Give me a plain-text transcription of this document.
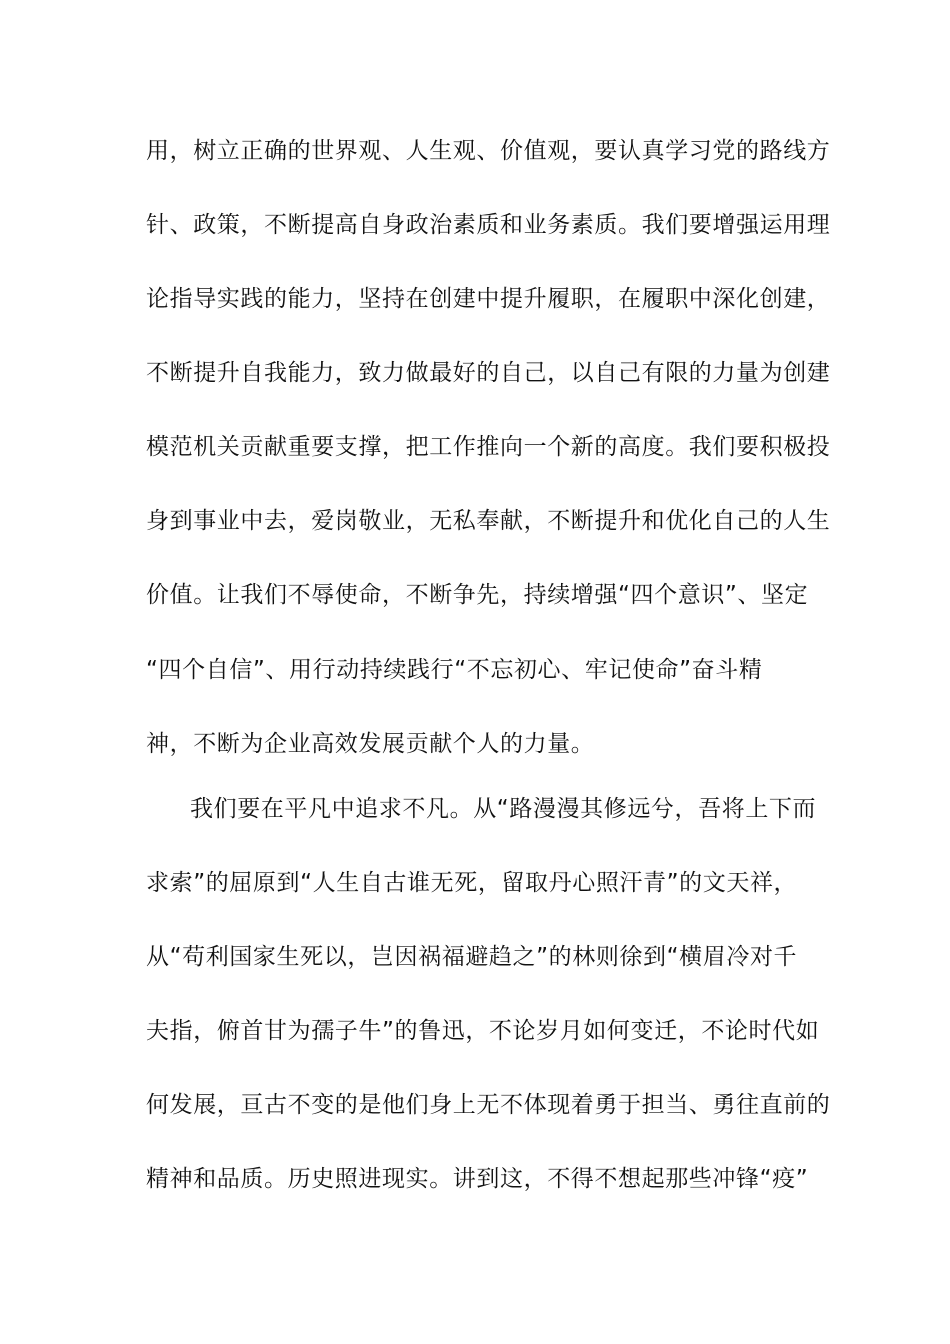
用，树立正确的世界观、人生观、价值观，要认真学习党的路线方
针、政策，不断提高自身政治素质和业务素质。我们要增强运用理
论指导实践的能力，坚持在创建中提升履职，在履职中深化创建，
不断提升自我能力，致力做最好的自己，以自己有限的力量为创建
模范机关贡献重要支撑，把工作推向一个新的高度。我们要积极投
身到事业中去，爱岗敬业，无私奉献，不断提升和优化自己的人生
价值。让我们不辱使命，不断争先，持续增强“四个意识”、坚定
“四个自信”、用行动持续践行“不忘初心、牢记使命”奋斗精
神，不断为企业高效发展贡献个人的力量。
我们要在平凡中追求不凡。从“路漫漫其修远兮，吾将上下而
求索”的屈原到“人生自古谁无死，留取丹心照汗青”的文天祥，
从“苟利国家生死以，岂因祸福避趋之”的林则徐到“横眉冷对千
夫指，俯首甘为孺子牛”的鲁迅，不论岁月如何变迁，不论时代如
何发展，亘古不变的是他们身上无不体现着勇于担当、勇往直前的
精神和品质。历史照进现实。讲到这，不得不想起那些冲锋“疫”
